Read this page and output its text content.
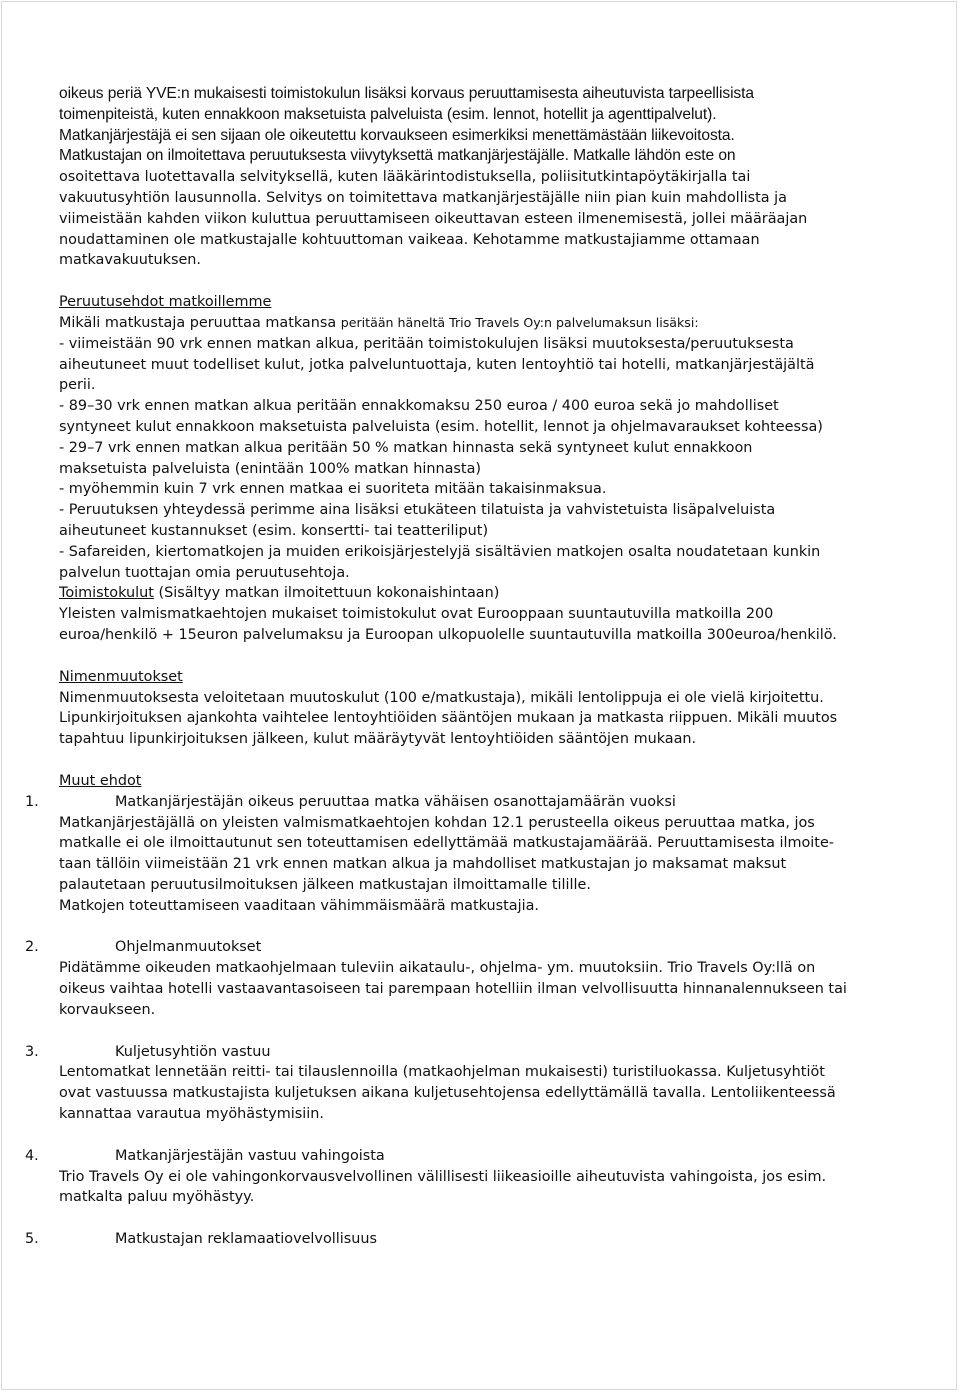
oikeus periä YVE:n mukaisesti toimistokulun lisäksi korvaus peruuttamisesta aiheutuvista tarpeellisista

toimenpiteistä, kuten ennakkoon maksetuista palveluista (esim. lennot, hotellit ja agenttipalvelut).

Matkanjärjestäjä ei sen sijaan ole oikeutettu korvaukseen esimerkiksi menettämästään liikevoitosta.

Matkustajan on ilmoitettava peruutuksesta viivytyksettä matkanjärjestäjälle. Matkalle lähdön este on

osoitettava luotettavalla selvityksellä, kuten lääkärintodistuksella, poliisitutkintapöytäkirjalla tai

vakuutusyhtiön lausunnolla. Selvitys on toimitettava matkanjärjestäjälle niin pian kuin mahdollista ja

viimeistään kahden viikon kuluttua peruuttamiseen oikeuttavan esteen ilmenemisestä, jollei määräajan

noudattaminen ole matkustajalle kohtuuttoman vaikeaa. Kehotamme matkustajiamme ottamaan

matkavakuutuksen.

Peruutusehdot matkoillemme

Mikäli matkustaja peruuttaa matkansa peritään häneltä Trio Travels Oy:n palvelumaksun lisäksi:

- viimeistään 90 vrk ennen matkan alkua, peritään toimistokulujen lisäksi muutoksesta/peruutuksesta

aiheutuneet muut todelliset kulut, jotka palveluntuottaja, kuten lentoyhtiö tai hotelli, matkanjärjestäjältä

perii.

- 89–30 vrk ennen matkan alkua peritään ennakkomaksu 250 euroa / 400 euroa sekä jo mahdolliset

syntyneet kulut ennakkoon maksetuista palveluista (esim. hotellit, lennot ja ohjelmavaraukset kohteessa)

- 29–7 vrk ennen matkan alkua peritään 50 % matkan hinnasta sekä syntyneet kulut ennakkoon

maksetuista palveluista (enintään 100% matkan hinnasta)

- myöhemmin kuin 7 vrk ennen matkaa ei suoriteta mitään takaisinmaksua.

- Peruutuksen yhteydessä perimme aina lisäksi etukäteen tilatuista ja vahvistetuista lisäpalveluista

aiheutuneet kustannukset (esim. konsertti- tai teatteriliput)

- Safareiden, kiertomatkojen ja muiden erikoisjärjestelyjä sisältävien matkojen osalta noudatetaan kunkin

palvelun tuottajan omia peruutusehtoja.

Toimistokulut (Sisältyy matkan ilmoitettuun kokonaishintaan)

Yleisten valmismatkaehtojen mukaiset toimistokulut ovat Eurooppaan suuntautuvilla matkoilla 200

euroa/henkilö + 15euron palvelumaksu ja Euroopan ulkopuolelle suuntautuvilla matkoilla 300euroa/henkilö.

Nimenmuutokset

Nimenmuutoksesta veloitetaan muutoskulut (100 e/matkustaja), mikäli lentolippuja ei ole vielä kirjoitettu.

Lipunkirjoituksen ajankohta vaihtelee lentoyhtiöiden sääntöjen mukaan ja matkasta riippuen. Mikäli muutos

tapahtuu lipunkirjoituksen jälkeen, kulut määräytyvät lentoyhtiöiden sääntöjen mukaan.

Muut ehdot

1.	Matkanjärjestäjän oikeus peruuttaa matka vähäisen osanottajamäärän vuoksi

Matkanjärjestäjällä on yleisten valmismatkaehtojen kohdan 12.1 perusteella oikeus peruuttaa matka, jos

matkalle ei ole ilmoittautunut sen toteuttamisen edellyttämää matkustajamäärää. Peruuttamisesta ilmoite-

taan tällöin viimeistään 21 vrk ennen matkan alkua ja mahdolliset matkustajan jo maksamat maksut

palautetaan peruutusilmoituksen jälkeen matkustajan ilmoittamalle tilille.

Matkojen toteuttamiseen vaaditaan vähimmäismäärä matkustajia.

2.	Ohjelmanmuutokset

Pidätämme oikeuden matkaohjelmaan tuleviin aikataulu-, ohjelma- ym. muutoksiin. Trio Travels Oy:llä on

oikeus vaihtaa hotelli vastaavantasoiseen tai parempaan hotelliin ilman velvollisuutta hinnanalennukseen tai

korvaukseen.

3.	Kuljetusyhtiön vastuu

Lentomatkat lennetään reitti- tai tilauslennoilla (matkaohjelman mukaisesti) turistiluokassa. Kuljetusyhtiöt

ovat vastuussa matkustajista kuljetuksen aikana kuljetusehtojensa edellyttämällä tavalla. Lentoliikenteessä

kannattaa varautua myöhästymisiin.

4.	Matkanjärjestäjän vastuu vahingoista

Trio Travels Oy ei ole vahingonkorvausvelvollinen välillisesti liikeasioille aiheutuvista vahingoista, jos esim.

matkalta paluu myöhästyy.

5.	Matkustajan reklamaatiovelvollisuus
